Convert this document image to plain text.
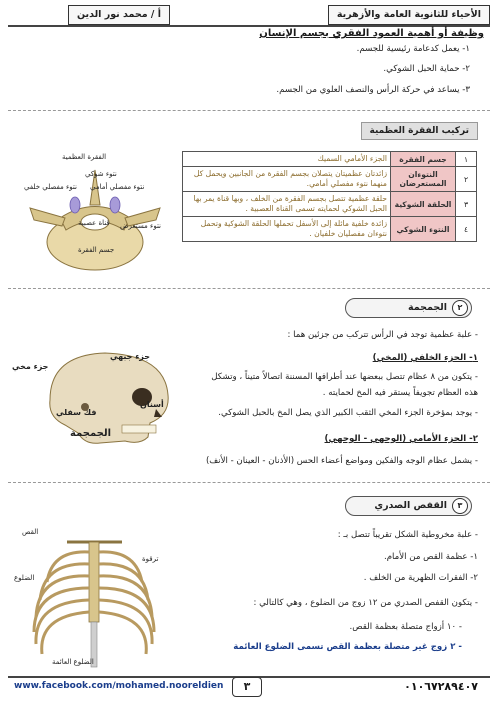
الأحياء للثانوية العامة والأزهرية
أ / محمد نور الدين
وظيفة أو أهمية العمود الفقري بجسم الإنسان
١- يعمل كدعامة رئيسية للجسم.
٢- حماية الحبل الشوكي.
٣- يساعد في حركة الرأس والنصف العلوي من الجسم.
تركيب الفقرة العظمية
الفقرة العظمية
نتوء شوكي
نتوء مفصلي خلفي نتوء مفصلي أمامي
نتوء مستعرض
قناة عصبية
جسم الفقرة
١	جسم الفقرة	الجزء الأمامي السميك
٢	النتوءان المستعرضان	زائدتان عظميتان يتصلان بجسم الفقرة من الجانبين ويحمل كل منهما نتوء مفصلي أمامي.
٣	الحلقة الشوكية	حلقة عظمية تتصل بجسم الفقرة من الخلف ، وبها قناة يمر بها الحبل الشوكي لحمايته تسمى القناة العصبية .
٤	النتوء الشوكي	زائدة خلفية مائلة إلى الأسفل تحملها الحلقة الشوكية وتحمل نتوءان مفصليان خلفيان .
٢
الجمجمة
- علبة عظمية توجد في الرأس تتركب من جزئين هما :
١- الجزء الخلفي (المخي)
- يتكون من ٨ عظام تتصل ببعضها عند أطرافها المسننة اتصالاً متيناً ، وتشكل
هذه العظام تجويفاً يستقر فيه المخ لحمايته .
- يوجد بمؤخرة الجزء المخي الثقب الكبير الذي يصل المخ بالحبل الشوكي.
٢- الجزء الأمامي (الوجهي - الوجهي)
- يشمل عظام الوجه والفكين ومواضع أعضاء الحس (الأذنان - العينان - الأنف)
جزء مخي
جزء جبهي
أسنان
فك سفلي
الجمجمة
٣
القفص الصدري
- علبة مخروطية الشكل تقريباً تتصل بـ :
١- عظمة القص من الأمام.
٢- الفقرات الظهرية من الخلف .
- يتكون القفص الصدري من ١٢ زوج من الضلوع ، وهي كالتالي :
- ١٠ أزواج متصلة بعظمة القص.
- ٢ زوج غير متصلة بعظمة القص تسمى الضلوع العائمة
القص
ترقوة
الضلوع
الضلوع العائمة
www.facebook.com/mohamed.nooreldien	٣	٠١٠٦٧٢٨٩٤٠٧
